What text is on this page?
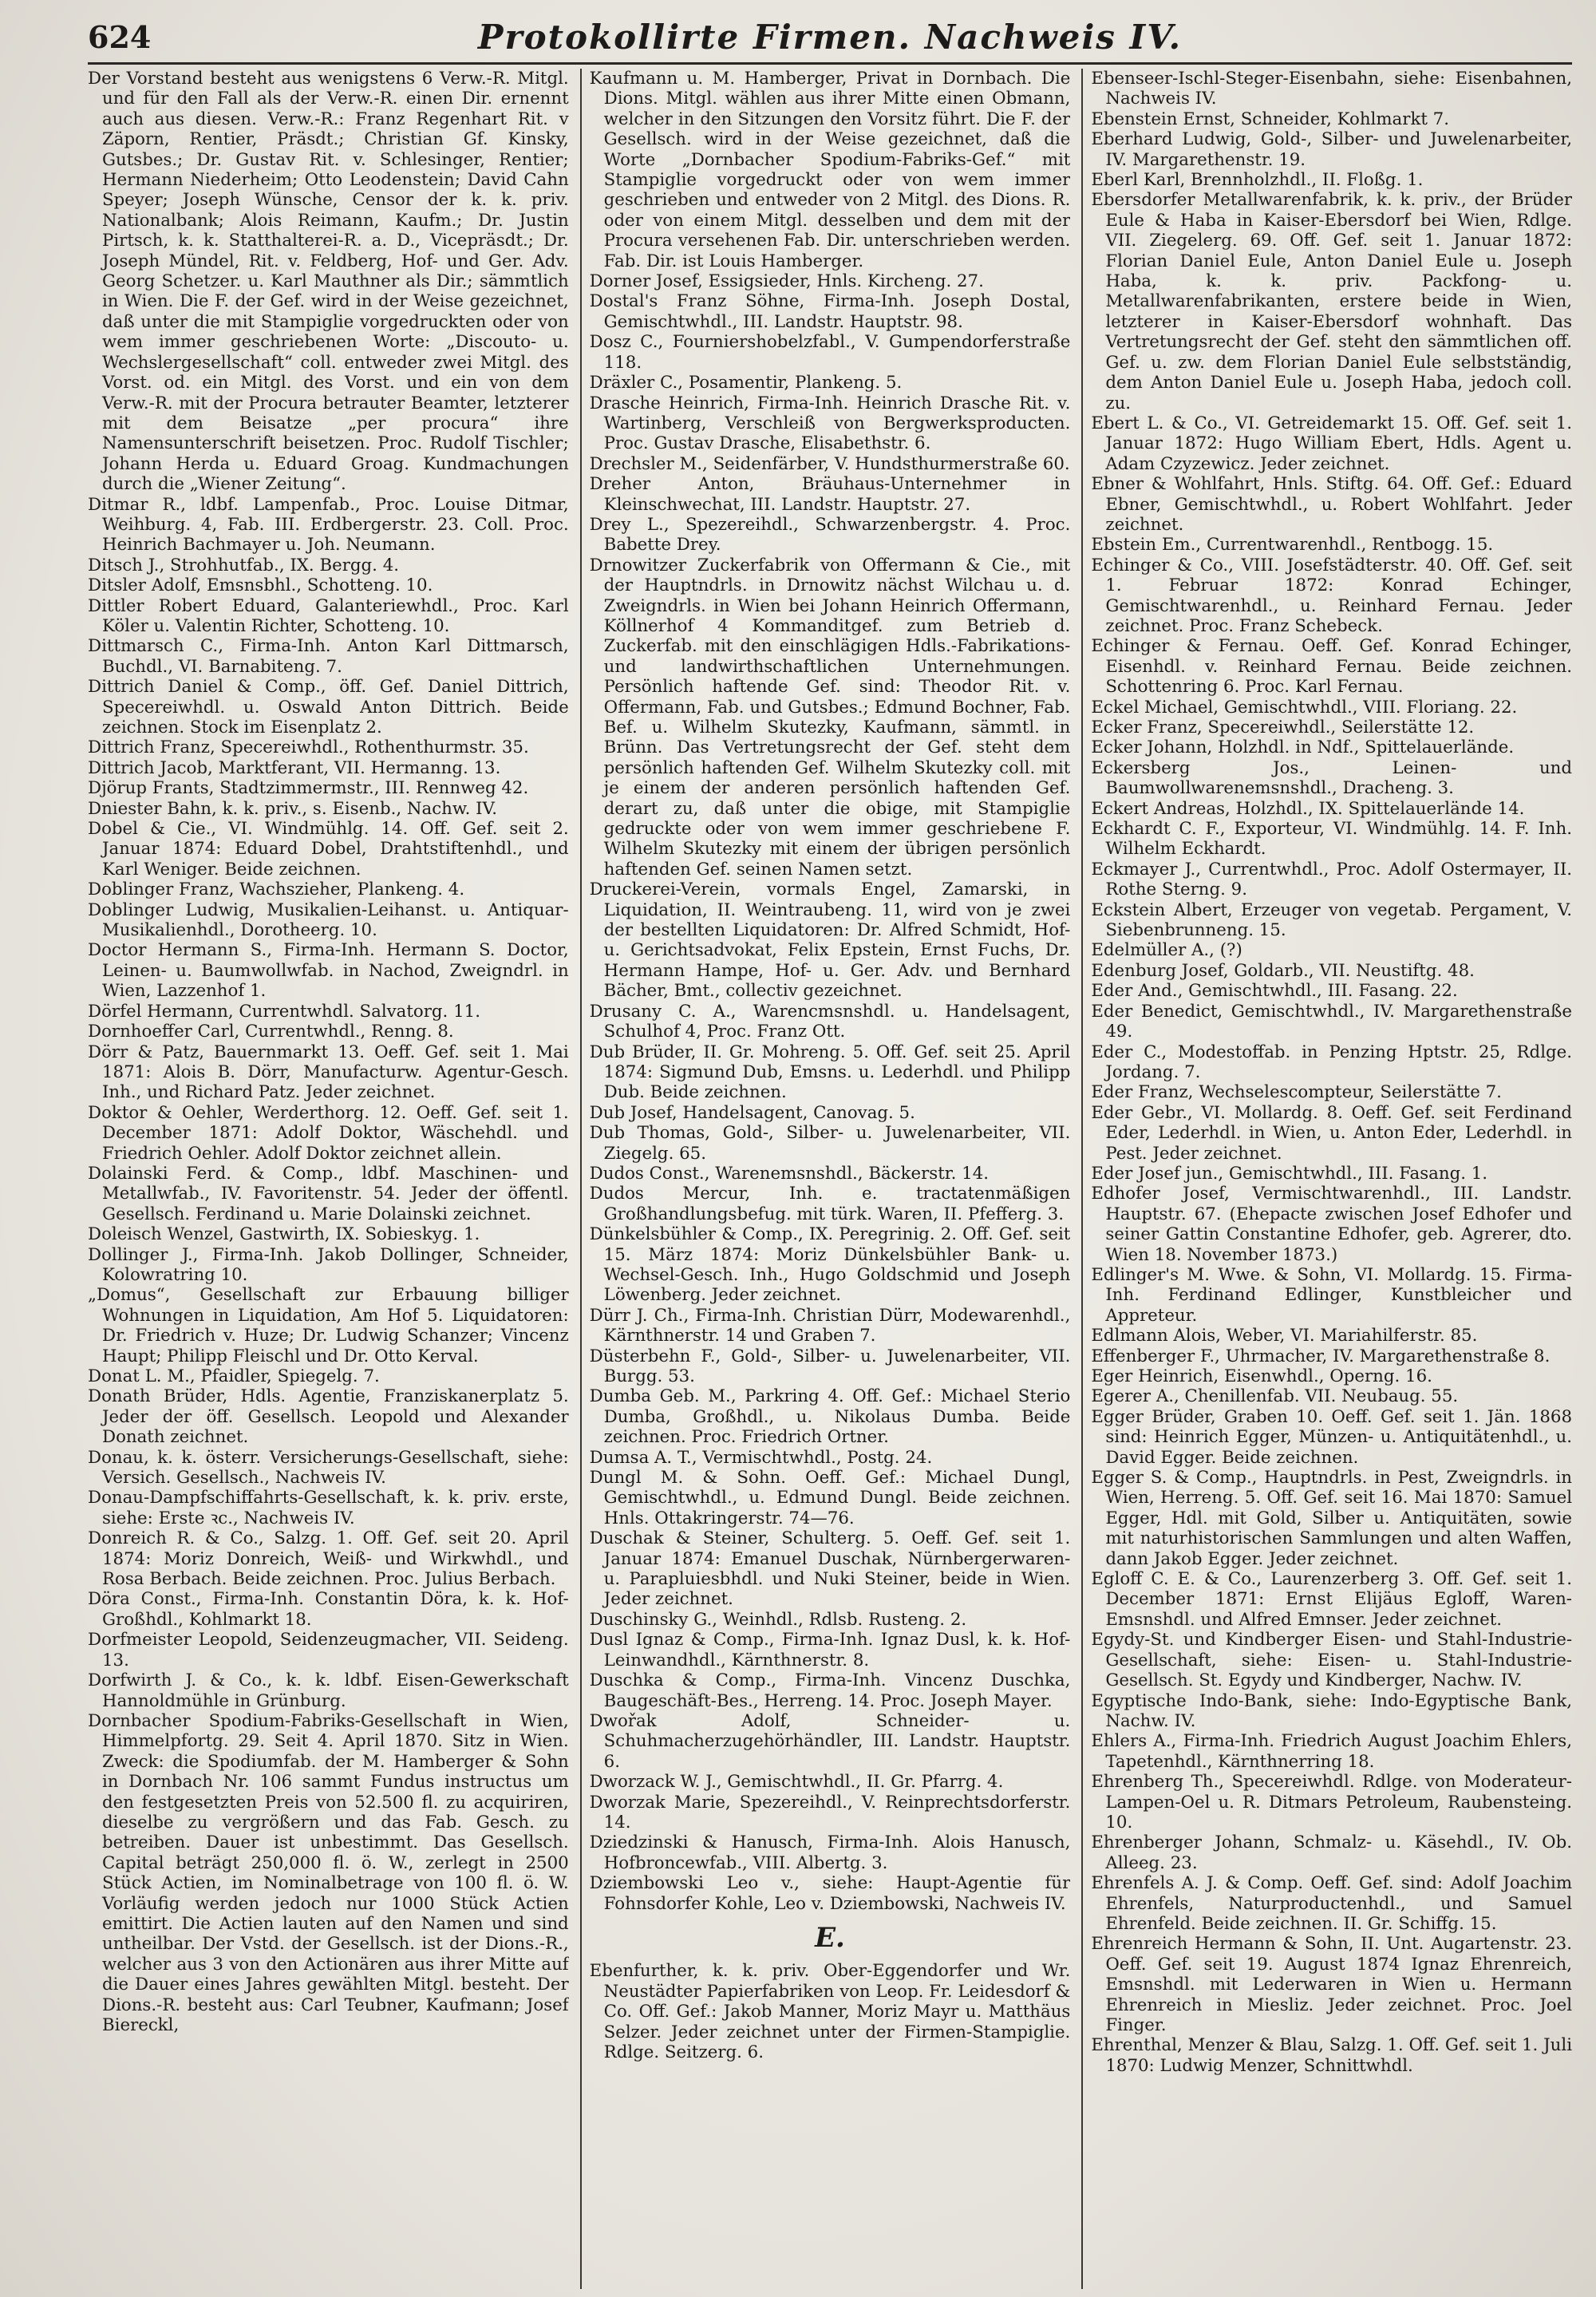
624	Protokollirte Firmen. Nachweis IV.

Der Vorstand besteht aus wenigstens 6 Verw.-R. Mitgl. und für den Fall als der Verw.-R. einen Dir. ernennt auch aus diesen. Verw.-R.: Franz Regenhart Rit. v Zäporn, Rentier, Präsdt.; Christian Gf. Kinsky, Gutsbes.; Dr. Gustav Rit. v. Schlesinger, Rentier; Hermann Niederheim; Otto Leodenstein; David Cahn Speyer; Joseph Wünsche, Censor der k. k. priv. Nationalbank; Alois Reimann, Kaufm.; Dr. Justin Pirtsch, k. k. Statthalterei-R. a. D., Vicepräsdt.; Dr. Joseph Mündel, Rit. v. Feldberg, Hof- und Ger. Adv. Georg Schetzer. u. Karl Mauthner als Dir.; sämmtlich in Wien. Die F. der Gef. wird in der Weise gezeichnet, daß unter die mit Stampiglie vorgedruckten oder von wem immer geschriebenen Worte: „Discouto- u. Wechslergesellschaft“ coll. entweder zwei Mitgl. des Vorst. od. ein Mitgl. des Vorst. und ein von dem Verw.-R. mit der Procura betrauter Beamter, letzterer mit dem Beisatze „per procura“ ihre Namensunterschrift beisetzen. Proc. Rudolf Tischler; Johann Herda u. Eduard Groag. Kundmachungen durch die „Wiener Zeitung“.

Ditmar R., ldbf. Lampenfab., Proc. Louise Ditmar, Weihburg. 4, Fab. III. Erdbergerstr. 23. Coll. Proc. Heinrich Bachmayer u. Joh. Neumann.

Ditsch J., Strohhutfab., IX. Bergg. 4.

Ditsler Adolf, Emsnsbhl., Schotteng. 10.

Dittler Robert Eduard, Galanteriewhdl., Proc. Karl Köler u. Valentin Richter, Schotteng. 10.

Dittmarsch C., Firma-Inh. Anton Karl Dittmarsch, Buchdl., VI. Barnabiteng. 7.

Dittrich Daniel & Comp., öff. Gef. Daniel Dittrich, Specereiwhdl. u. Oswald Anton Dittrich. Beide zeichnen. Stock im Eisenplatz 2.

Dittrich Franz, Specereiwhdl., Rothenthurmstr. 35.

Dittrich Jacob, Marktferant, VII. Hermanng. 13.

Djörup Frants, Stadtzimmermstr., III. Rennweg 42.

Dniester Bahn, k. k. priv., s. Eisenb., Nachw. IV.

Dobel & Cie., VI. Windmühlg. 14. Off. Gef. seit 2. Januar 1874: Eduard Dobel, Drahtstiftenhdl., und Karl Weniger. Beide zeichnen.

Doblinger Franz, Wachszieher, Plankeng. 4.

Doblinger Ludwig, Musikalien-Leihanst. u. Antiquar-Musikalienhdl., Dorotheerg. 10.

Doctor Hermann S., Firma-Inh. Hermann S. Doctor, Leinen- u. Baumwollwfab. in Nachod, Zweigndrl. in Wien, Lazzenhof 1.

Dörfel Hermann, Currentwhdl. Salvatorg. 11.

Dornhoeffer Carl, Currentwhdl., Renng. 8.

Dörr & Patz, Bauernmarkt 13. Oeff. Gef. seit 1. Mai 1871: Alois B. Dörr, Manufacturw. Agentur-Gesch. Inh., und Richard Patz. Jeder zeichnet.

Doktor & Oehler, Werderthorg. 12. Oeff. Gef. seit 1. December 1871: Adolf Doktor, Wäschehdl. und Friedrich Oehler. Adolf Doktor zeichnet allein.

Dolainski Ferd. & Comp., ldbf. Maschinen- und Metallwfab., IV. Favoritenstr. 54. Jeder der öffentl. Gesellsch. Ferdinand u. Marie Dolainski zeichnet.

Doleisch Wenzel, Gastwirth, IX. Sobieskyg. 1.

Dollinger J., Firma-Inh. Jakob Dollinger, Schneider, Kolowratring 10.

„Domus“, Gesellschaft zur Erbauung billiger Wohnungen in Liquidation, Am Hof 5. Liquidatoren: Dr. Friedrich v. Huze; Dr. Ludwig Schanzer; Vincenz Haupt; Philipp Fleischl und Dr. Otto Kerval.

Donat L. M., Pfaidler, Spiegelg. 7.

Donath Brüder, Hdls. Agentie, Franziskanerplatz 5. Jeder der öff. Gesellsch. Leopold und Alexander Donath zeichnet.

Donau, k. k. österr. Versicherungs-Gesellschaft, siehe: Versich. Gesellsch., Nachweis IV.

Donau-Dampfschiffahrts-Gesellschaft, k. k. priv. erste, siehe: Erste ꝛc., Nachweis IV.

Donreich R. & Co., Salzg. 1. Off. Gef. seit 20. April 1874: Moriz Donreich, Weiß- und Wirkwhdl., und Rosa Berbach. Beide zeichnen. Proc. Julius Berbach.

Döra Const., Firma-Inh. Constantin Döra, k. k. Hof-Großhdl., Kohlmarkt 18.

Dorfmeister Leopold, Seidenzeugmacher, VII. Seideng. 13.

Dorfwirth J. & Co., k. k. ldbf. Eisen-Gewerkschaft Hannoldmühle in Grünburg.

Dornbacher Spodium-Fabriks-Gesellschaft in Wien, Himmelpfortg. 29. Seit 4. April 1870. Sitz in Wien. Zweck: die Spodiumfab. der M. Hamberger & Sohn in Dornbach Nr. 106 sammt Fundus instructus um den festgesetzten Preis von 52.500 fl. zu acquiriren, dieselbe zu vergrößern und das Fab. Gesch. zu betreiben. Dauer ist unbestimmt. Das Gesellsch. Capital beträgt 250,000 fl. ö. W., zerlegt in 2500 Stück Actien, im Nominalbetrage von 100 fl. ö. W. Vorläufig werden jedoch nur 1000 Stück Actien emittirt. Die Actien lauten auf den Namen und sind untheilbar. Der Vstd. der Gesellsch. ist der Dions.-R., welcher aus 3 von den Actionären aus ihrer Mitte auf die Dauer eines Jahres gewählten Mitgl. besteht. Der Dions.-R. besteht aus: Carl Teubner, Kaufmann; Josef Biereckl,

Kaufmann u. M. Hamberger, Privat in Dornbach. Die Dions. Mitgl. wählen aus ihrer Mitte einen Obmann, welcher in den Sitzungen den Vorsitz führt. Die F. der Gesellsch. wird in der Weise gezeichnet, daß die Worte „Dornbacher Spodium-Fabriks-Gef.“ mit Stampiglie vorgedruckt oder von wem immer geschrieben und entweder von 2 Mitgl. des Dions. R. oder von einem Mitgl. desselben und dem mit der Procura versehenen Fab. Dir. unterschrieben werden. Fab. Dir. ist Louis Hamberger.

Dorner Josef, Essigsieder, Hnls. Kircheng. 27.

Dostal's Franz Söhne, Firma-Inh. Joseph Dostal, Gemischtwhdl., III. Landstr. Hauptstr. 98.

Dosz C., Fourniershobelzfabl., V. Gumpendorferstraße 118.

Dräxler C., Posamentir, Plankeng. 5.

Drasche Heinrich, Firma-Inh. Heinrich Drasche Rit. v. Wartinberg, Verschleiß von Bergwerksproducten. Proc. Gustav Drasche, Elisabethstr. 6.

Drechsler M., Seidenfärber, V. Hundsthurmerstraße 60.

Dreher Anton, Bräuhaus-Unternehmer in Kleinschwechat, III. Landstr. Hauptstr. 27.

Drey L., Spezereihdl., Schwarzenbergstr. 4. Proc. Babette Drey.

Drnowitzer Zuckerfabrik von Offermann & Cie., mit der Hauptndrls. in Drnowitz nächst Wilchau u. d. Zweigndrls. in Wien bei Johann Heinrich Offermann, Köllnerhof 4 Kommanditgef. zum Betrieb d. Zuckerfab. mit den einschlägigen Hdls.-Fabrikations- und landwirthschaftlichen Unternehmungen. Persönlich haftende Gef. sind: Theodor Rit. v. Offermann, Fab. und Gutsbes.; Edmund Bochner, Fab. Bef. u. Wilhelm Skutezky, Kaufmann, sämmtl. in Brünn. Das Vertretungsrecht der Gef. steht dem persönlich haftenden Gef. Wilhelm Skutezky coll. mit je einem der anderen persönlich haftenden Gef. derart zu, daß unter die obige, mit Stampiglie gedruckte oder von wem immer geschriebene F. Wilhelm Skutezky mit einem der übrigen persönlich haftenden Gef. seinen Namen setzt.

Druckerei-Verein, vormals Engel, Zamarski, in Liquidation, II. Weintraubeng. 11, wird von je zwei der bestellten Liquidatoren: Dr. Alfred Schmidt, Hof- u. Gerichtsadvokat, Felix Epstein, Ernst Fuchs, Dr. Hermann Hampe, Hof- u. Ger. Adv. und Bernhard Bächer, Bmt., collectiv gezeichnet.

Drusany C. A., Warencmsnshdl. u. Handelsagent, Schulhof 4, Proc. Franz Ott.

Dub Brüder, II. Gr. Mohreng. 5. Off. Gef. seit 25. April 1874: Sigmund Dub, Emsns. u. Lederhdl. und Philipp Dub. Beide zeichnen.

Dub Josef, Handelsagent, Canovag. 5.

Dub Thomas, Gold-, Silber- u. Juwelenarbeiter, VII. Ziegelg. 65.

Dudos Const., Warenemsnshdl., Bäckerstr. 14.

Dudos Mercur, Inh. e. tractatenmäßigen Großhandlungsbefug. mit türk. Waren, II. Pfefferg. 3.

Dünkelsbühler & Comp., IX. Peregrinig. 2. Off. Gef. seit 15. März 1874: Moriz Dünkelsbühler Bank- u. Wechsel-Gesch. Inh., Hugo Goldschmid und Joseph Löwenberg. Jeder zeichnet.

Dürr J. Ch., Firma-Inh. Christian Dürr, Modewarenhdl., Kärnthnerstr. 14 und Graben 7.

Düsterbehn F., Gold-, Silber- u. Juwelenarbeiter, VII. Burgg. 53.

Dumba Geb. M., Parkring 4. Off. Gef.: Michael Sterio Dumba, Großhdl., u. Nikolaus Dumba. Beide zeichnen. Proc. Friedrich Ortner.

Dumsa A. T., Vermischtwhdl., Postg. 24.

Dungl M. & Sohn. Oeff. Gef.: Michael Dungl, Gemischtwhdl., u. Edmund Dungl. Beide zeichnen. Hnls. Ottakringerstr. 74—76.

Duschak & Steiner, Schulterg. 5. Oeff. Gef. seit 1. Januar 1874: Emanuel Duschak, Nürnbergerwaren- u. Parapluiesbhdl. und Nuki Steiner, beide in Wien. Jeder zeichnet.

Duschinsky G., Weinhdl., Rdlsb. Rusteng. 2.

Dusl Ignaz & Comp., Firma-Inh. Ignaz Dusl, k. k. Hof-Leinwandhdl., Kärnthnerstr. 8.

Duschka & Comp., Firma-Inh. Vincenz Duschka, Baugeschäft-Bes., Herreng. 14. Proc. Joseph Mayer.

Dwořak Adolf, Schneider- u. Schuhmacherzugehörhändler, III. Landstr. Hauptstr. 6.

Dworzack W. J., Gemischtwhdl., II. Gr. Pfarrg. 4.

Dworzak Marie, Spezereihdl., V. Reinprechtsdorferstr. 14.

Dziedzinski & Hanusch, Firma-Inh. Alois Hanusch, Hofbroncewfab., VIII. Albertg. 3.

Dziembowski Leo v., siehe: Haupt-Agentie für Fohnsdorfer Kohle, Leo v. Dziembowski, Nachweis IV.

E.

Ebenfurther, k. k. priv. Ober-Eggendorfer und Wr. Neustädter Papierfabriken von Leop. Fr. Leidesdorf & Co. Off. Gef.: Jakob Manner, Moriz Mayr u. Matthäus Selzer. Jeder zeichnet unter der Firmen-Stampiglie. Rdlge. Seitzerg. 6.

Ebenseer-Ischl-Steger-Eisenbahn, siehe: Eisenbahnen, Nachweis IV.

Ebenstein Ernst, Schneider, Kohlmarkt 7.

Eberhard Ludwig, Gold-, Silber- und Juwelenarbeiter, IV. Margarethenstr. 19.

Eberl Karl, Brennholzhdl., II. Floßg. 1.

Ebersdorfer Metallwarenfabrik, k. k. priv., der Brüder Eule & Haba in Kaiser-Ebersdorf bei Wien, Rdlge. VII. Ziegelerg. 69. Off. Gef. seit 1. Januar 1872: Florian Daniel Eule, Anton Daniel Eule u. Joseph Haba, k. k. priv. Packfong- u. Metallwarenfabrikanten, erstere beide in Wien, letzterer in Kaiser-Ebersdorf wohnhaft. Das Vertretungsrecht der Gef. steht den sämmtlichen off. Gef. u. zw. dem Florian Daniel Eule selbstständig, dem Anton Daniel Eule u. Joseph Haba, jedoch coll. zu.

Ebert L. & Co., VI. Getreidemarkt 15. Off. Gef. seit 1. Januar 1872: Hugo William Ebert, Hdls. Agent u. Adam Czyzewicz. Jeder zeichnet.

Ebner & Wohlfahrt, Hnls. Stiftg. 64. Off. Gef.: Eduard Ebner, Gemischtwhdl., u. Robert Wohlfahrt. Jeder zeichnet.

Ebstein Em., Currentwarenhdl., Rentbogg. 15.

Echinger & Co., VIII. Josefstädterstr. 40. Off. Gef. seit 1. Februar 1872: Konrad Echinger, Gemischtwarenhdl., u. Reinhard Fernau. Jeder zeichnet. Proc. Franz Schebeck.

Echinger & Fernau. Oeff. Gef. Konrad Echinger, Eisenhdl. v. Reinhard Fernau. Beide zeichnen. Schottenring 6. Proc. Karl Fernau.

Eckel Michael, Gemischtwhdl., VIII. Floriang. 22.

Ecker Franz, Specereiwhdl., Seilerstätte 12.

Ecker Johann, Holzhdl. in Ndf., Spittelauerlände.

Eckersberg Jos., Leinen- und Baumwollwarenemsnshdl., Dracheng. 3.

Eckert Andreas, Holzhdl., IX. Spittelauerlände 14.

Eckhardt C. F., Exporteur, VI. Windmühlg. 14. F. Inh. Wilhelm Eckhardt.

Eckmayer J., Currentwhdl., Proc. Adolf Ostermayer, II. Rothe Sterng. 9.

Eckstein Albert, Erzeuger von vegetab. Pergament, V. Siebenbrunneng. 15.

Edelmüller A., (?)

Edenburg Josef, Goldarb., VII. Neustiftg. 48.

Eder And., Gemischtwhdl., III. Fasang. 22.

Eder Benedict, Gemischtwhdl., IV. Margarethenstraße 49.

Eder C., Modestoffab. in Penzing Hptstr. 25, Rdlge. Jordang. 7.

Eder Franz, Wechselescompteur, Seilerstätte 7.

Eder Gebr., VI. Mollardg. 8. Oeff. Gef. seit Ferdinand Eder, Lederhdl. in Wien, u. Anton Eder, Lederhdl. in Pest. Jeder zeichnet.

Eder Josef jun., Gemischtwhdl., III. Fasang. 1.

Edhofer Josef, Vermischtwarenhdl., III. Landstr. Hauptstr. 67. (Ehepacte zwischen Josef Edhofer und seiner Gattin Constantine Edhofer, geb. Agrerer, dto. Wien 18. November 1873.)

Edlinger's M. Wwe. & Sohn, VI. Mollardg. 15. Firma-Inh. Ferdinand Edlinger, Kunstbleicher und Appreteur.

Edlmann Alois, Weber, VI. Mariahilferstr. 85.

Effenberger F., Uhrmacher, IV. Margarethenstraße 8.

Eger Heinrich, Eisenwhdl., Operng. 16.

Egerer A., Chenillenfab. VII. Neubaug. 55.

Egger Brüder, Graben 10. Oeff. Gef. seit 1. Jän. 1868 sind: Heinrich Egger, Münzen- u. Antiquitätenhdl., u. David Egger. Beide zeichnen.

Egger S. & Comp., Hauptndrls. in Pest, Zweigndrls. in Wien, Herreng. 5. Off. Gef. seit 16. Mai 1870: Samuel Egger, Hdl. mit Gold, Silber u. Antiquitäten, sowie mit naturhistorischen Sammlungen und alten Waffen, dann Jakob Egger. Jeder zeichnet.

Egloff C. E. & Co., Laurenzerberg 3. Off. Gef. seit 1. December 1871: Ernst Elijäus Egloff, Waren-Emsnshdl. und Alfred Emnser. Jeder zeichnet.

Egydy-St. und Kindberger Eisen- und Stahl-Industrie-Gesellschaft, siehe: Eisen- u. Stahl-Industrie-Gesellsch. St. Egydy und Kindberger, Nachw. IV.

Egyptische Indo-Bank, siehe: Indo-Egyptische Bank, Nachw. IV.

Ehlers A., Firma-Inh. Friedrich August Joachim Ehlers, Tapetenhdl., Kärnthnerring 18.

Ehrenberg Th., Specereiwhdl. Rdlge. von Moderateur-Lampen-Oel u. R. Ditmars Petroleum, Raubensteing. 10.

Ehrenberger Johann, Schmalz- u. Käsehdl., IV. Ob. Alleeg. 23.

Ehrenfels A. J. & Comp. Oeff. Gef. sind: Adolf Joachim Ehrenfels, Naturproductenhdl., und Samuel Ehrenfeld. Beide zeichnen. II. Gr. Schiffg. 15.

Ehrenreich Hermann & Sohn, II. Unt. Augartenstr. 23. Oeff. Gef. seit 19. August 1874 Ignaz Ehrenreich, Emsnshdl. mit Lederwaren in Wien u. Hermann Ehrenreich in Miesliz. Jeder zeichnet. Proc. Joel Finger.

Ehrenthal, Menzer & Blau, Salzg. 1. Off. Gef. seit 1. Juli 1870: Ludwig Menzer, Schnittwhdl.
